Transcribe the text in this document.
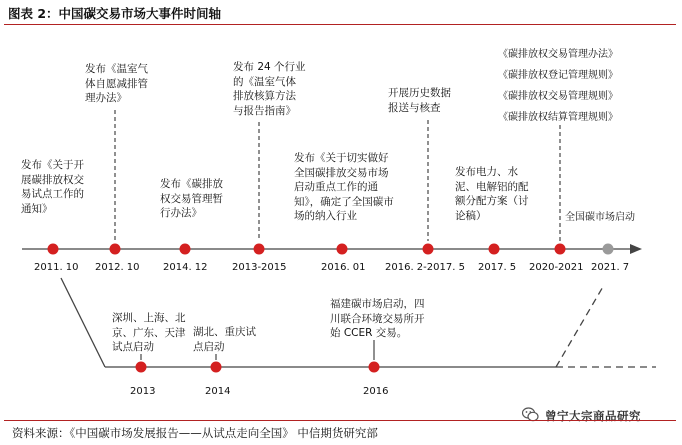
图表 2：中国碳交易市场大事件时间轴
2011. 10 2012. 10 2014. 12 2013-2015	2016. 01 2016. 2-2017. 5 2017. 5 2020-2021 2021. 7
发布《关于开
展碳排放权交
易试点工作的
通知》
发布《温室气
体自愿减排管
理办法》
发布《碳排放
权交易管理暂
行办法》
发布 24 个行业
的《温室气体
排放核算方法
与报告指南》
发布《关于切实做好
全国碳排放交易市场
启动重点工作的通
知》，确定了全国碳市
场的纳入行业
开展历史数据
报送与核查
发布电力、水
泥、电解铝的配
额分配方案（讨
论稿）
《碳排放权交易管理办法》
《碳排放权登记管理规则》
《碳排放权交易管理规则》
《碳排放权结算管理规则》
全国碳市场启动
深圳、上海、北
京、广东、天津
试点启动
湖北、重庆试
点启动
福建碳市场启动，四
川联合环境交易所开
始 CCER 交易。
2013	2014	2016
曾宁大宗商品研究
资料来源：《中国碳市场发展报告——从试点走向全国》 中信期货研究部
